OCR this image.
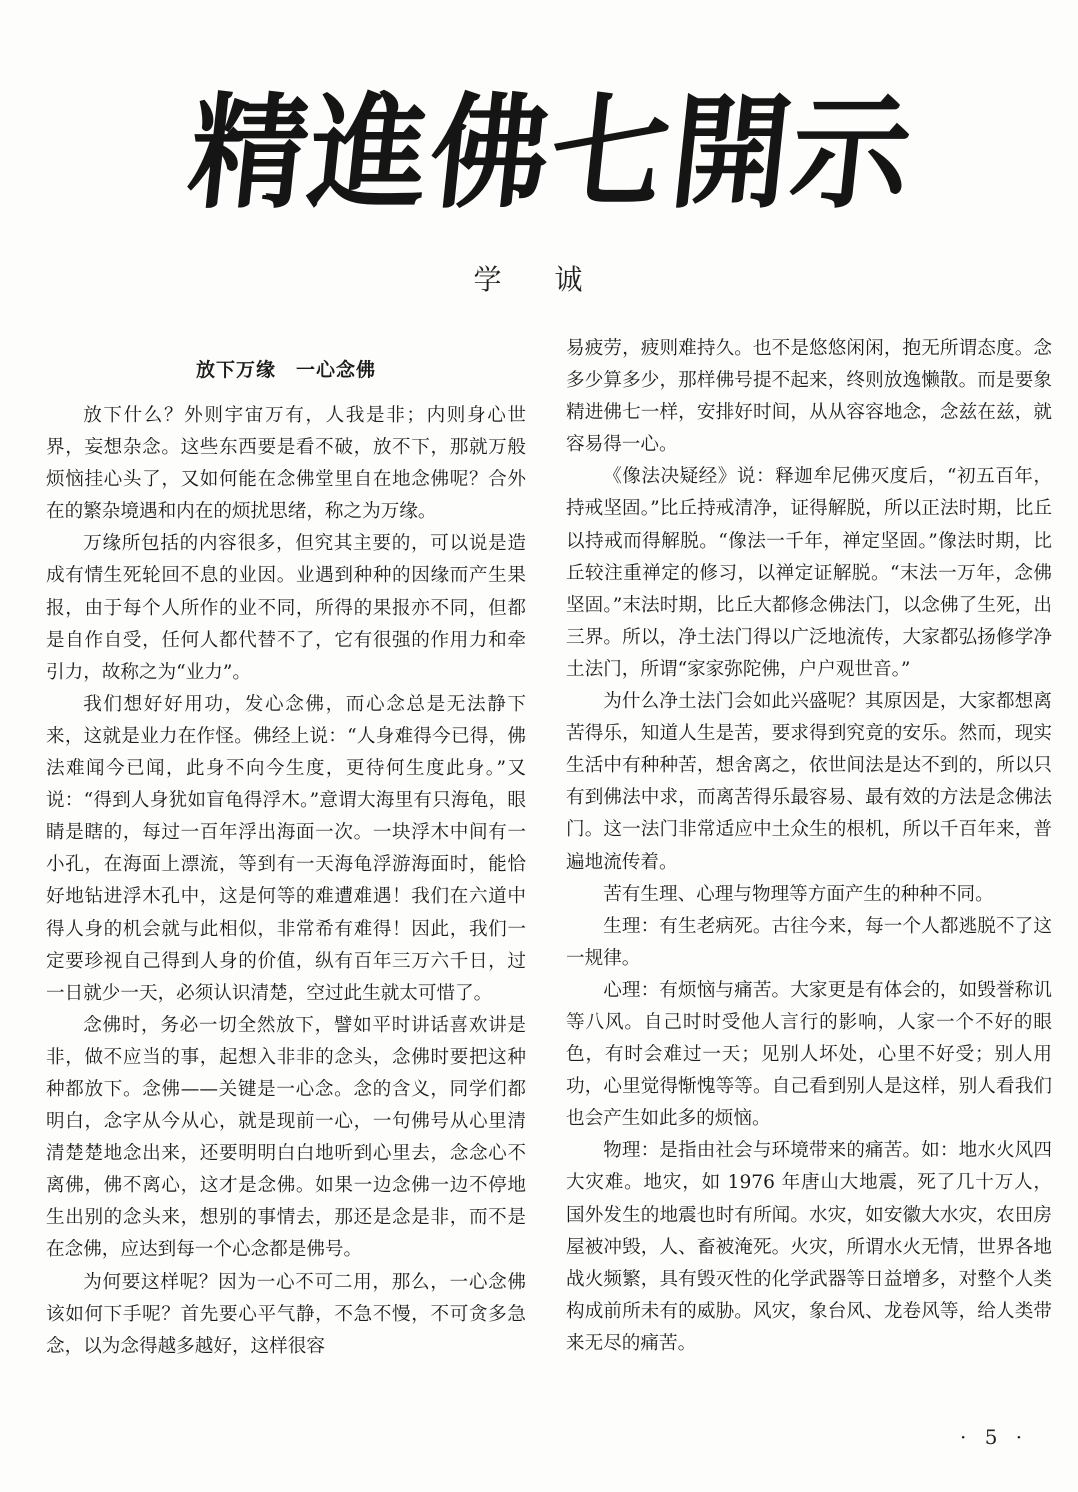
精
進
佛
七
開
示
学 诚
放下万缘　一心念佛

放下什么？外则宇宙万有，人我是非；内则身心世界，妄想杂念。这些东西要是看不破，放不下，那就万般烦恼挂心头了，又如何能在念佛堂里自在地念佛呢？合外在的繁杂境遇和内在的烦扰思绪，称之为万缘。

万缘所包括的内容很多，但究其主要的，可以说是造成有情生死轮回不息的业因。业遇到种种的因缘而产生果报，由于每个人所作的业不同，所得的果报亦不同，但都是自作自受，任何人都代替不了，它有很强的作用力和牵引力，故称之为“业力”。

我们想好好用功，发心念佛，而心念总是无法静下来，这就是业力在作怪。佛经上说：“人身难得今已得，佛法难闻今已闻，此身不向今生度，更待何生度此身。”又说：“得到人身犹如盲龟得浮木。”意谓大海里有只海龟，眼睛是瞎的，每过一百年浮出海面一次。一块浮木中间有一小孔，在海面上漂流，等到有一天海龟浮游海面时，能恰好地钻进浮木孔中，这是何等的难遭难遇！我们在六道中得人身的机会就与此相似，非常希有难得！因此，我们一定要珍视自己得到人身的价值，纵有百年三万六千日，过一日就少一天，必须认识清楚，空过此生就太可惜了。

念佛时，务必一切全然放下，譬如平时讲话喜欢讲是非，做不应当的事，起想入非非的念头，念佛时要把这种种都放下。念佛——关键是一心念。念的含义，同学们都明白，念字从今从心，就是现前一心，一句佛号从心里清清楚楚地念出来，还要明明白白地听到心里去，念念心不离佛，佛不离心，这才是念佛。如果一边念佛一边不停地生出别的念头来，想别的事情去，那还是念是非，而不是在念佛，应达到每一个心念都是佛号。

为何要这样呢？因为一心不可二用，那么，一心念佛该如何下手呢？首先要心平气静，不急不慢，不可贪多急念，以为念得越多越好，这样很容

易疲劳，疲则难持久。也不是悠悠闲闲，抱无所谓态度。念多少算多少，那样佛号提不起来，终则放逸懒散。而是要象精进佛七一样，安排好时间，从从容容地念，念兹在兹，就容易得一心。

《像法决疑经》说：释迦牟尼佛灭度后，“初五百年，持戒坚固。”比丘持戒清净，证得解脱，所以正法时期，比丘以持戒而得解脱。“像法一千年，禅定坚固。”像法时期，比丘较注重禅定的修习，以禅定证解脱。“末法一万年，念佛坚固。”末法时期，比丘大都修念佛法门，以念佛了生死，出三界。所以，净土法门得以广泛地流传，大家都弘扬修学净土法门，所谓“家家弥陀佛，户户观世音。”

为什么净土法门会如此兴盛呢？其原因是，大家都想离苦得乐，知道人生是苦，要求得到究竟的安乐。然而，现实生活中有种种苦，想舍离之，依世间法是达不到的，所以只有到佛法中求，而离苦得乐最容易、最有效的方法是念佛法门。这一法门非常适应中土众生的根机，所以千百年来，普遍地流传着。

苦有生理、心理与物理等方面产生的种种不同。

生理：有生老病死。古往今来，每一个人都逃脱不了这一规律。

心理：有烦恼与痛苦。大家更是有体会的，如毁誉称讥等八风。自己时时受他人言行的影响，人家一个不好的眼色，有时会难过一天；见别人坏处，心里不好受；别人用功，心里觉得惭愧等等。自己看到别人是这样，别人看我们也会产生如此多的烦恼。

物理：是指由社会与环境带来的痛苦。如：地水火风四大灾难。地灾，如 1976 年唐山大地震，死了几十万人，国外发生的地震也时有所闻。水灾，如安徽大水灾，农田房屋被冲毁，人、畜被淹死。火灾，所谓水火无情，世界各地战火频繁，具有毁灭性的化学武器等日益增多，对整个人类构成前所未有的威胁。风灾，象台风、龙卷风等，给人类带来无尽的痛苦。

· 5 ·
